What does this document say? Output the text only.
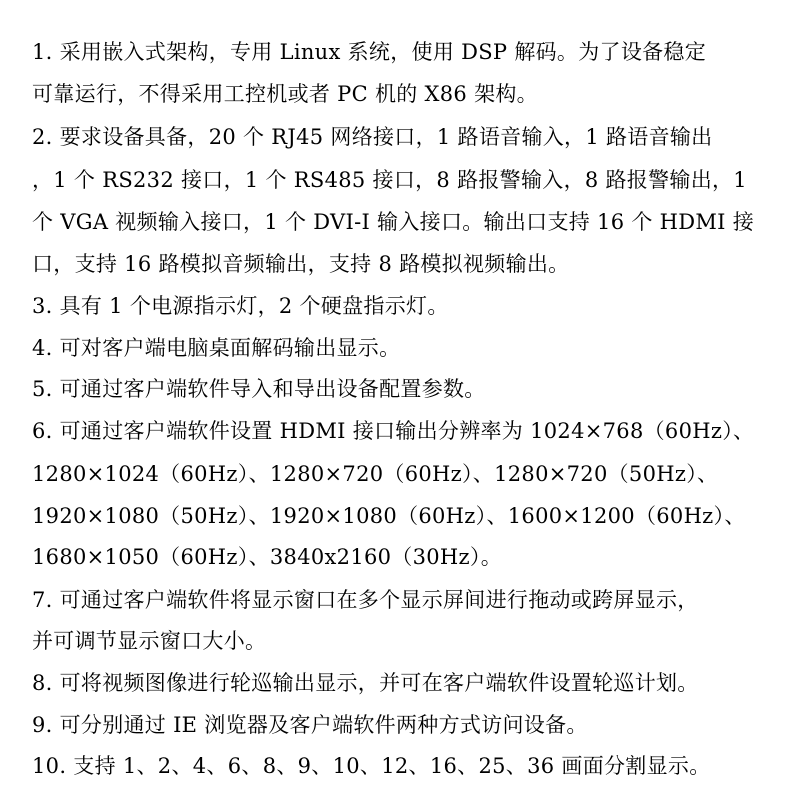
1. 采用嵌入式架构，专用 Linux 系统，使用 DSP 解码。为了设备稳定
可靠运行，不得采用工控机或者 PC 机的 X86 架构。
2. 要求设备具备，20 个 RJ45 网络接口，1 路语音输入，1 路语音输出
，1 个 RS232 接口，1 个 RS485 接口，8 路报警输入，8 路报警输出，1
个 VGA 视频输入接口，1 个 DVI-I 输入接口。输出口支持 16 个 HDMI 接
口，支持 16 路模拟音频输出，支持 8 路模拟视频输出。
3. 具有 1 个电源指示灯，2 个硬盘指示灯。
4. 可对客户端电脑桌面解码输出显示。
5. 可通过客户端软件导入和导出设备配置参数。
6. 可通过客户端软件设置 HDMI 接口输出分辨率为 1024×768（60Hz）、
1280×1024（60Hz）、1280×720（60Hz）、1280×720（50Hz）、
1920×1080（50Hz）、1920×1080（60Hz）、1600×1200（60Hz）、
1680×1050（60Hz）、3840x2160（30Hz）。
7. 可通过客户端软件将显示窗口在多个显示屏间进行拖动或跨屏显示，
并可调节显示窗口大小。
8. 可将视频图像进行轮巡输出显示，并可在客户端软件设置轮巡计划。
9. 可分别通过 IE 浏览器及客户端软件两种方式访问设备。
10. 支持 1、2、4、6、8、9、10、12、16、25、36 画面分割显示。
